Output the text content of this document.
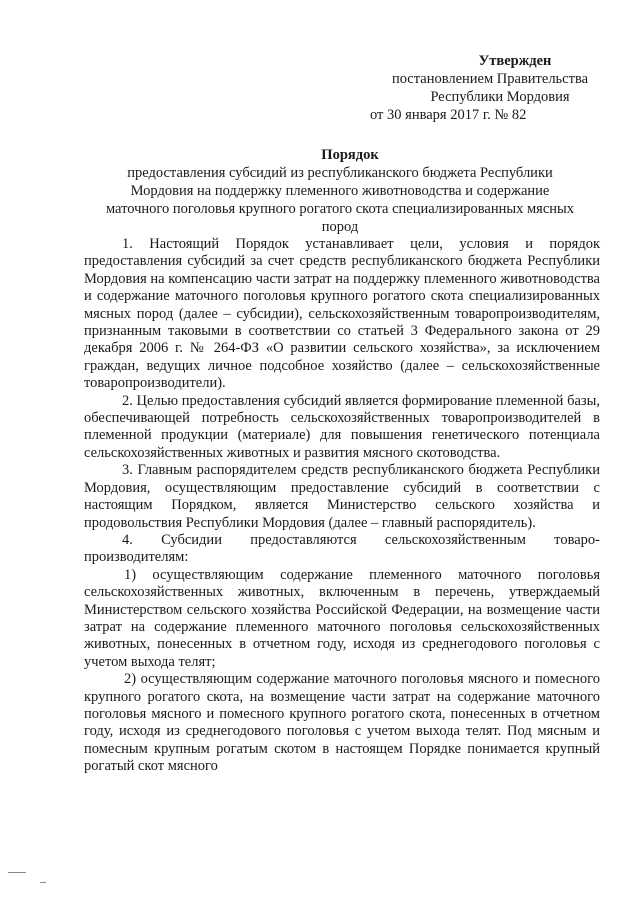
Утвержден
постановлением Правительства
Республики Мордовия
от 30 января 2017 г. № 82
Порядок
предоставления субсидий из республиканского бюджета Республики
Мордовия на поддержку племенного животноводства и содержание
маточного поголовья крупного рогатого скота специализированных мясных
пород

1. Настоящий Порядок устанавливает цели, условия и порядок предоставления субсидий за счет средств республиканского бюджета Республики Мордовия на компенсацию части затрат на поддержку племенного животноводства и содержание маточного поголовья крупного рогатого скота специализированных мясных пород (далее – субсидии), сельскохозяйственным товаропроизводителям, признанным таковыми в соответствии со статьей 3 Федерального закона от 29 декабря 2006 г. № 264-ФЗ «О развитии сельского хозяйства», за исключением граждан, ведущих личное подсобное хозяйство (далее – сельскохозяйственные товаропроизводители).

2. Целью предоставления субсидий является формирование племенной базы, обеспечивающей потребность сельскохозяйственных товаропроизводителей в племенной продукции (материале) для повышения генетического потенциала сельскохозяйственных животных и развития мясного скотоводства.

3. Главным распорядителем средств республиканского бюджета Республики Мордовия, осуществляющим предоставление субсидий в соответствии с настоящим Порядком, является Министерство сельского хозяйства и продовольствия Республики Мордовия (далее – главный распорядитель).

4. Субсидии предоставляются сельскохозяйственным товаро-производителям:

1) осуществляющим содержание племенного маточного поголовья сельскохозяйственных животных, включенным в перечень, утверждаемый Министерством сельского хозяйства Российской Федерации, на возмещение части затрат на содержание племенного маточного поголовья сельскохозяйственных животных, понесенных в отчетном году, исходя из среднегодового поголовья с учетом выхода телят;

2) осуществляющим содержание маточного поголовья мясного и помесного крупного рогатого скота, на возмещение части затрат на содержание маточного поголовья мясного и помесного крупного рогатого скота, понесенных в отчетном году, исходя из среднегодового поголовья с учетом выхода телят. Под мясным и помесным крупным рогатым скотом в настоящем Порядке понимается крупный рогатый скот мясного
